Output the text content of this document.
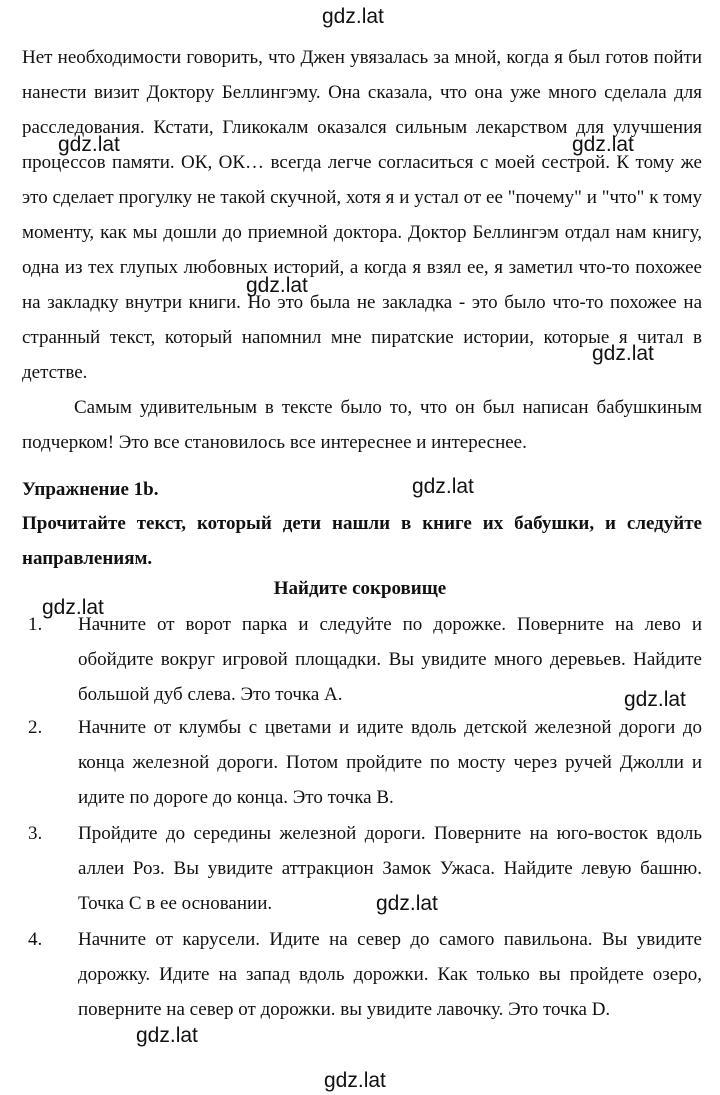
Нет необходимости говорить, что Джен увязалась за мной, когда я был готов пойти нанести визит Доктору Беллингэму. Она сказала, что она уже много сделала для расследования. Кстати, Гликокалм оказался сильным лекарством для улучшения процессов памяти. ОК, ОК… всегда легче согласиться с моей сестрой. К тому же это сделает прогулку не такой скучной, хотя я и устал от ее "почему" и "что" к тому моменту, как мы дошли до приемной доктора. Доктор Беллингэм отдал нам книгу, одна из тех глупых любовных историй, а когда я взял ее, я заметил что-то похожее на закладку внутри книги. Но это была не закладка - это было что-то похожее на странный текст, который напомнил мне пиратские истории, которые я читал в детстве.

Самым удивительным в тексте было то, что он был написан бабушкиным подчерком! Это все становилось все интереснее и интереснее.

Упражнение 1b.

Прочитайте текст, который дети нашли в книге их бабушки, и следуйте направлениям.

Найдите сокровище

1. Начните от ворот парка и следуйте по дорожке. Поверните на лево и обойдите вокруг игровой площадки. Вы увидите много деревьев. Найдите большой дуб слева. Это точка А.

2. Начните от клумбы с цветами и идите вдоль детской железной дороги до конца железной дороги. Потом пройдите по мосту через ручей Джолли и идите по дороге до конца. Это точка В.

3. Пройдите до середины железной дороги. Поверните на юго-восток вдоль аллеи Роз. Вы увидите аттракцион Замок Ужаса. Найдите левую башню. Точка С в ее основании.

4. Начните от карусели. Идите на север до самого павильона. Вы увидите дорожку. Идите на запад вдоль дорожки. Как только вы пройдете озеро, поверните на север от дорожки. вы увидите лавочку. Это точка D.

gdz.lat
gdz.lat	gdz.lat
gdz.lat
gdz.lat
gdz.lat
gdz.lat
gdz.lat
gdz.lat
gdz.lat
gdz.lat
